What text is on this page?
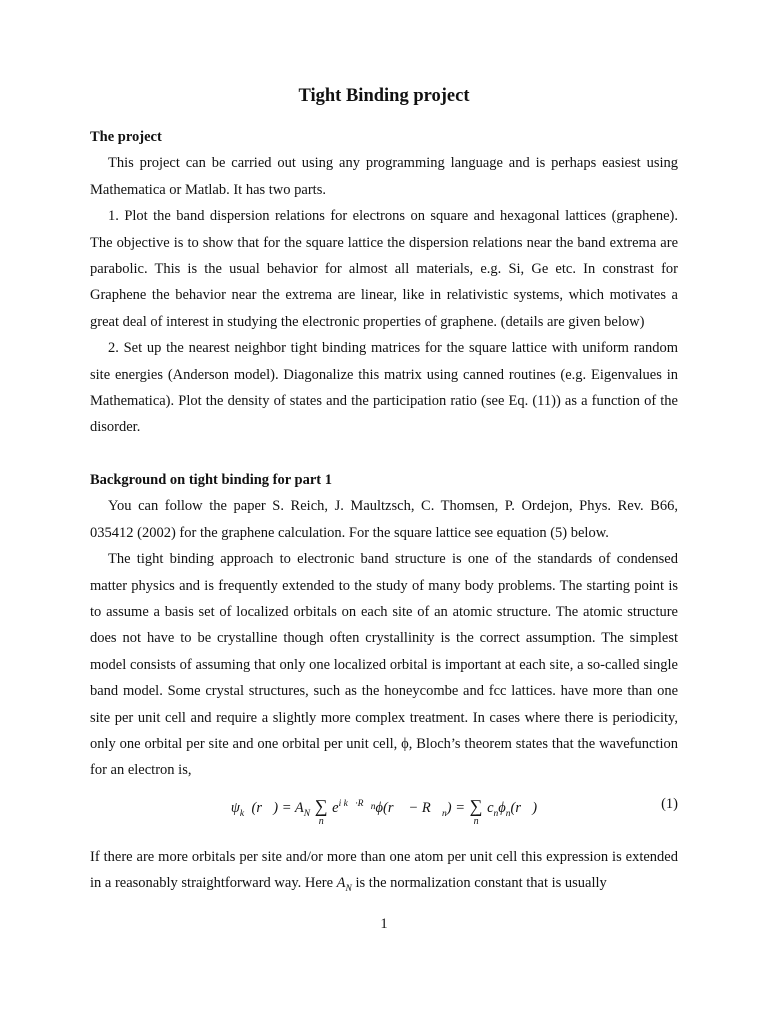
Tight Binding project
The project

This project can be carried out using any programming language and is perhaps easiest using Mathematica or Matlab. It has two parts.

1. Plot the band dispersion relations for electrons on square and hexagonal lattices (graphene). The objective is to show that for the square lattice the dispersion relations near the band extrema are parabolic. This is the usual behavior for almost all materials, e.g. Si, Ge etc. In constrast for Graphene the behavior near the extrema are linear, like in relativistic systems, which motivates a great deal of interest in studying the electronic properties of graphene. (details are given below)

2. Set up the nearest neighbor tight binding matrices for the square lattice with uniform random site energies (Anderson model). Diagonalize this matrix using canned routines (e.g. Eigenvalues in Mathematica). Plot the density of states and the participation ratio (see Eq. (11)) as a function of the disorder.

Background on tight binding for part 1

You can follow the paper S. Reich, J. Maultzsch, C. Thomsen, P. Ordejon, Phys. Rev. B66, 035412 (2002) for the graphene calculation. For the square lattice see equation (5) below.

The tight binding approach to electronic band structure is one of the standards of condensed matter physics and is frequently extended to the study of many body problems. The starting point is to assume a basis set of localized orbitals on each site of an atomic structure. The atomic structure does not have to be crystalline though often crystallinity is the correct assumption. The simplest model consists of assuming that only one localized orbital is important at each site, a so-called single band model. Some crystal structures, such as the honeycombe and fcc lattices. have more than one site per unit cell and require a slightly more complex treatment. In cases where there is periodicity, only one orbital per site and one orbital per unit cell, ϕ, Bloch’s theorem states that the wavefunction for an electron is,

$\psi_{k⃗}(r⃗) = A_N$ ∑
n
$e^{i k⃗\cdot R⃗_n}\phi(r⃗$ − $R⃗_n$) = ∑
n
$c_n\phi_n(r⃗)$	(1)

If there are more orbitals per site and/or more than one atom per unit cell this expression is extended in a reasonably straightforward way. Here $A_N$ is the normalization constant that is usually

1
